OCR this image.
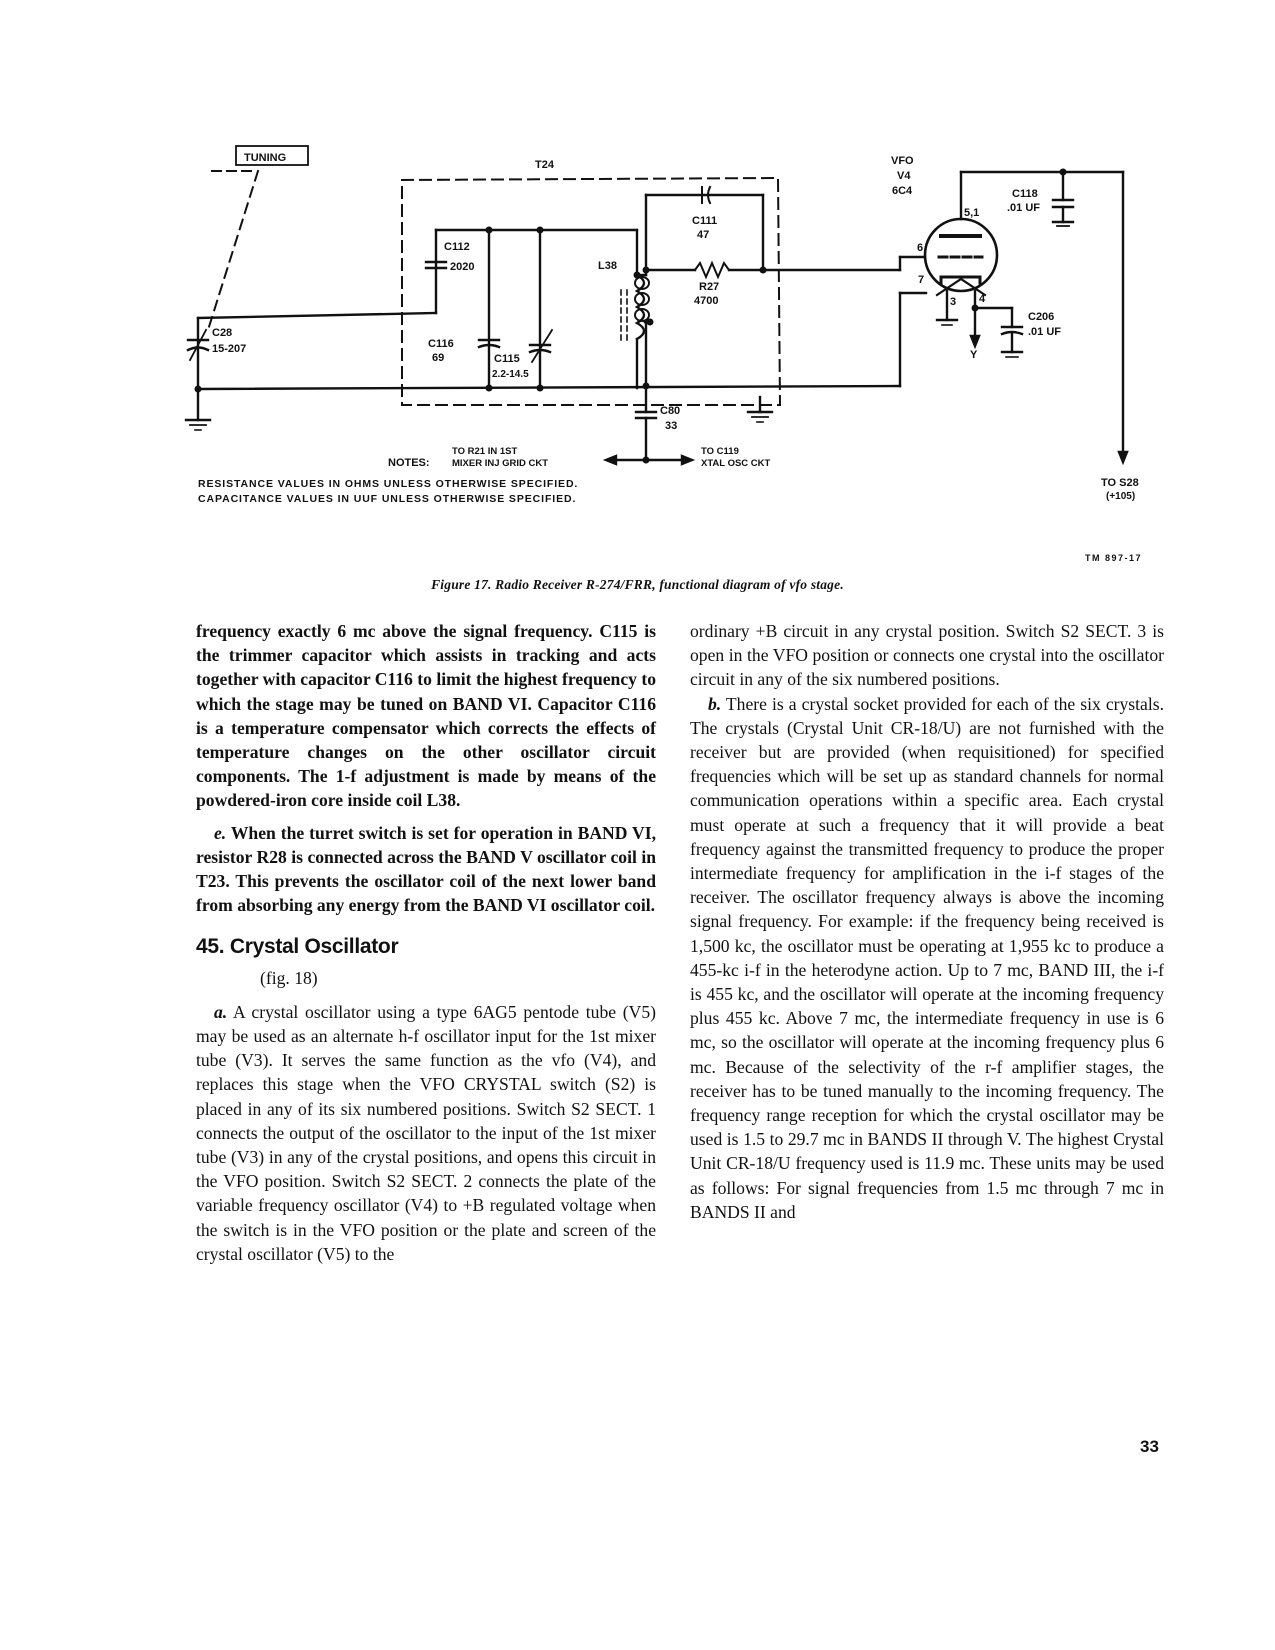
TUNING
T24
C28
15-207
C112
2020
C116
69	C115
2.2-14.5
L38
C111
47
R27
4700
C80
33
VFO
V4
6C4
5,1
6
7
3 4
Y
C118
.01 UF
C206
.01 UF
TO S28
(+105)
NOTES:
TO R21 IN 1ST
MIXER INJ GRID CKT
TO C119
XTAL OSC CKT
RESISTANCE VALUES IN OHMS UNLESS OTHERWISE SPECIFIED.
CAPACITANCE VALUES IN UUF UNLESS OTHERWISE SPECIFIED.
TM 897-17
Figure 17. Radio Receiver R-274/FRR, functional diagram of vfo stage.

frequency exactly 6 mc above the signal frequency. C115 is the trimmer capacitor which assists in tracking and acts together with capacitor C116 to limit the highest frequency to which the stage may be tuned on BAND VI. Capacitor C116 is a temperature compensator which corrects the effects of temperature changes on the other oscillator circuit components. The 1-f adjustment is made by means of the powdered-iron core inside coil L38.

e. When the turret switch is set for operation in BAND VI, resistor R28 is connected across the BAND V oscillator coil in T23. This prevents the oscillator coil of the next lower band from absorbing any energy from the BAND VI oscillator coil.

45. Crystal Oscillator
(fig. 18)

a. A crystal oscillator using a type 6AG5 pentode tube (V5) may be used as an alternate h-f oscillator input for the 1st mixer tube (V3). It serves the same function as the vfo (V4), and replaces this stage when the VFO CRYSTAL switch (S2) is placed in any of its six numbered positions. Switch S2 SECT. 1 connects the output of the oscillator to the input of the 1st mixer tube (V3) in any of the crystal positions, and opens this circuit in the VFO position. Switch S2 SECT. 2 connects the plate of the variable frequency oscillator (V4) to +B regulated voltage when the switch is in the VFO position or the plate and screen of the crystal oscillator (V5) to the

ordinary +B circuit in any crystal position. Switch S2 SECT. 3 is open in the VFO position or connects one crystal into the oscillator circuit in any of the six numbered positions.

b. There is a crystal socket provided for each of the six crystals. The crystals (Crystal Unit CR-18/U) are not furnished with the receiver but are provided (when requisitioned) for specified frequencies which will be set up as standard channels for normal communication operations within a specific area. Each crystal must operate at such a frequency that it will provide a beat frequency against the transmitted frequency to produce the proper intermediate frequency for amplification in the i-f stages of the receiver. The oscillator frequency always is above the incoming signal frequency. For example: if the frequency being received is 1,500 kc, the oscillator must be operating at 1,955 kc to produce a 455-kc i-f in the heterodyne action. Up to 7 mc, BAND III, the i-f is 455 kc, and the oscillator will operate at the incoming frequency plus 455 kc. Above 7 mc, the intermediate frequency in use is 6 mc, so the oscillator will operate at the incoming frequency plus 6 mc. Because of the selectivity of the r-f amplifier stages, the receiver has to be tuned manually to the incoming frequency. The frequency range reception for which the crystal oscillator may be used is 1.5 to 29.7 mc in BANDS II through V. The highest Crystal Unit CR-18/U frequency used is 11.9 mc. These units may be used as follows: For signal frequencies from 1.5 mc through 7 mc in BANDS II and

33
